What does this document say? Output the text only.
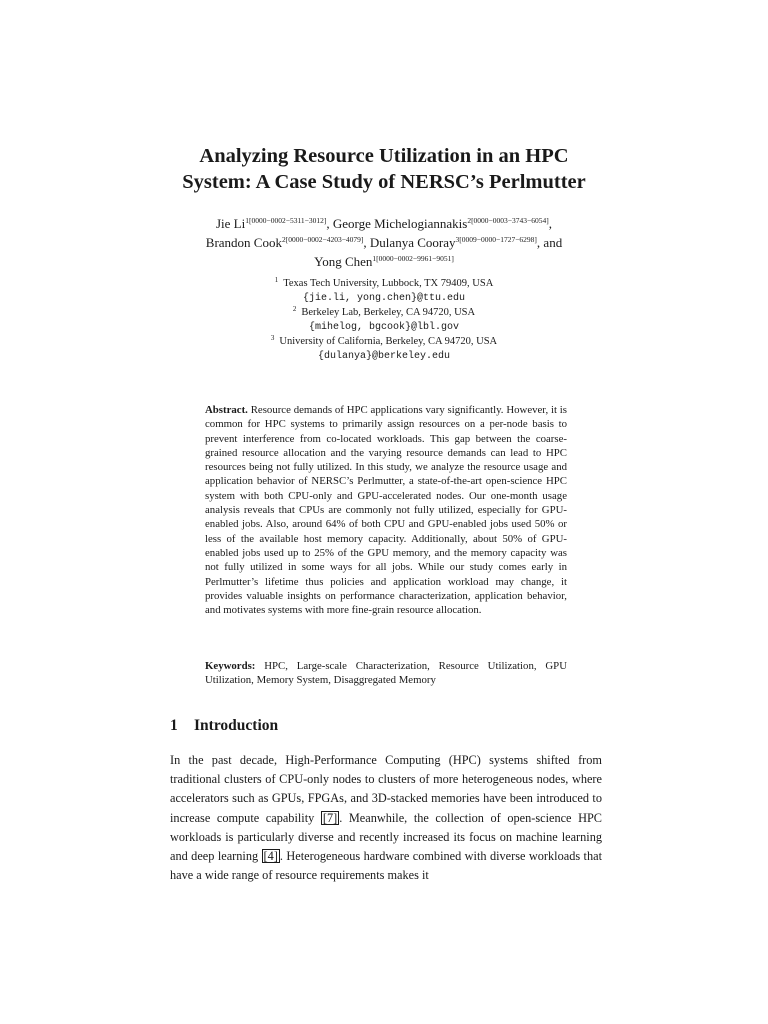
Analyzing Resource Utilization in an HPC
System: A Case Study of NERSC’s Perlmutter
Jie $Li^{1[0000-0002-5311-3012]}$, George Michelogiannakis$^{2[0000-0003-3743-6054]}$,
Brandon Cook$^{2[0000-0002-4203-4079]}$, Dulanya Cooray$^{3[0009-0000-1727-6298]}$, and
Yong Chen$^{1[0000-0002-9961-9051]}$
$^1$ Texas Tech University, Lubbock, TX 79409, USA
{jie.li, yong.chen}@ttu.edu
$^2$ Berkeley Lab, Berkeley, CA 94720, USA
{mihelog, bgcook}@lbl.gov
$^3$ University of California, Berkeley, CA 94720, USA
{dulanya}@berkeley.edu
Abstract. Resource demands of HPC applications vary significantly. However, it is common for HPC systems to primarily assign resources on a per-node basis to prevent interference from co-located workloads. This gap between the coarse-grained resource allocation and the varying resource demands can lead to HPC resources being not fully utilized. In this study, we analyze the resource usage and application behavior of NERSC’s Perlmutter, a state-of-the-art open-science HPC system with both CPU-only and GPU-accelerated nodes. Our one-month usage analysis reveals that CPUs are commonly not fully utilized, especially for GPU-enabled jobs. Also, around 64% of both CPU and GPU-enabled jobs used 50% or less of the available host memory capacity. Additionally, about 50% of GPU-enabled jobs used up to 25% of the GPU memory, and the memory capacity was not fully utilized in some ways for all jobs. While our study comes early in Perlmutter’s lifetime thus policies and application workload may change, it provides valuable insights on performance characterization, application behavior, and motivates systems with more fine-grain resource allocation.
Keywords: HPC, Large-scale Characterization, Resource Utilization, GPU Utilization, Memory System, Disaggregated Memory
1 Introduction
In the past decade, High-Performance Computing (HPC) systems shifted from traditional clusters of CPU-only nodes to clusters of more heterogeneous nodes, where accelerators such as GPUs, FPGAs, and 3D-stacked memories have been introduced to increase compute capability [7] . Meanwhile, the collection of open-science HPC workloads is particularly diverse and recently increased its focus on machine learning and deep learning [4] . Heterogeneous hardware combined with diverse workloads that have a wide range of resource requirements makes it
